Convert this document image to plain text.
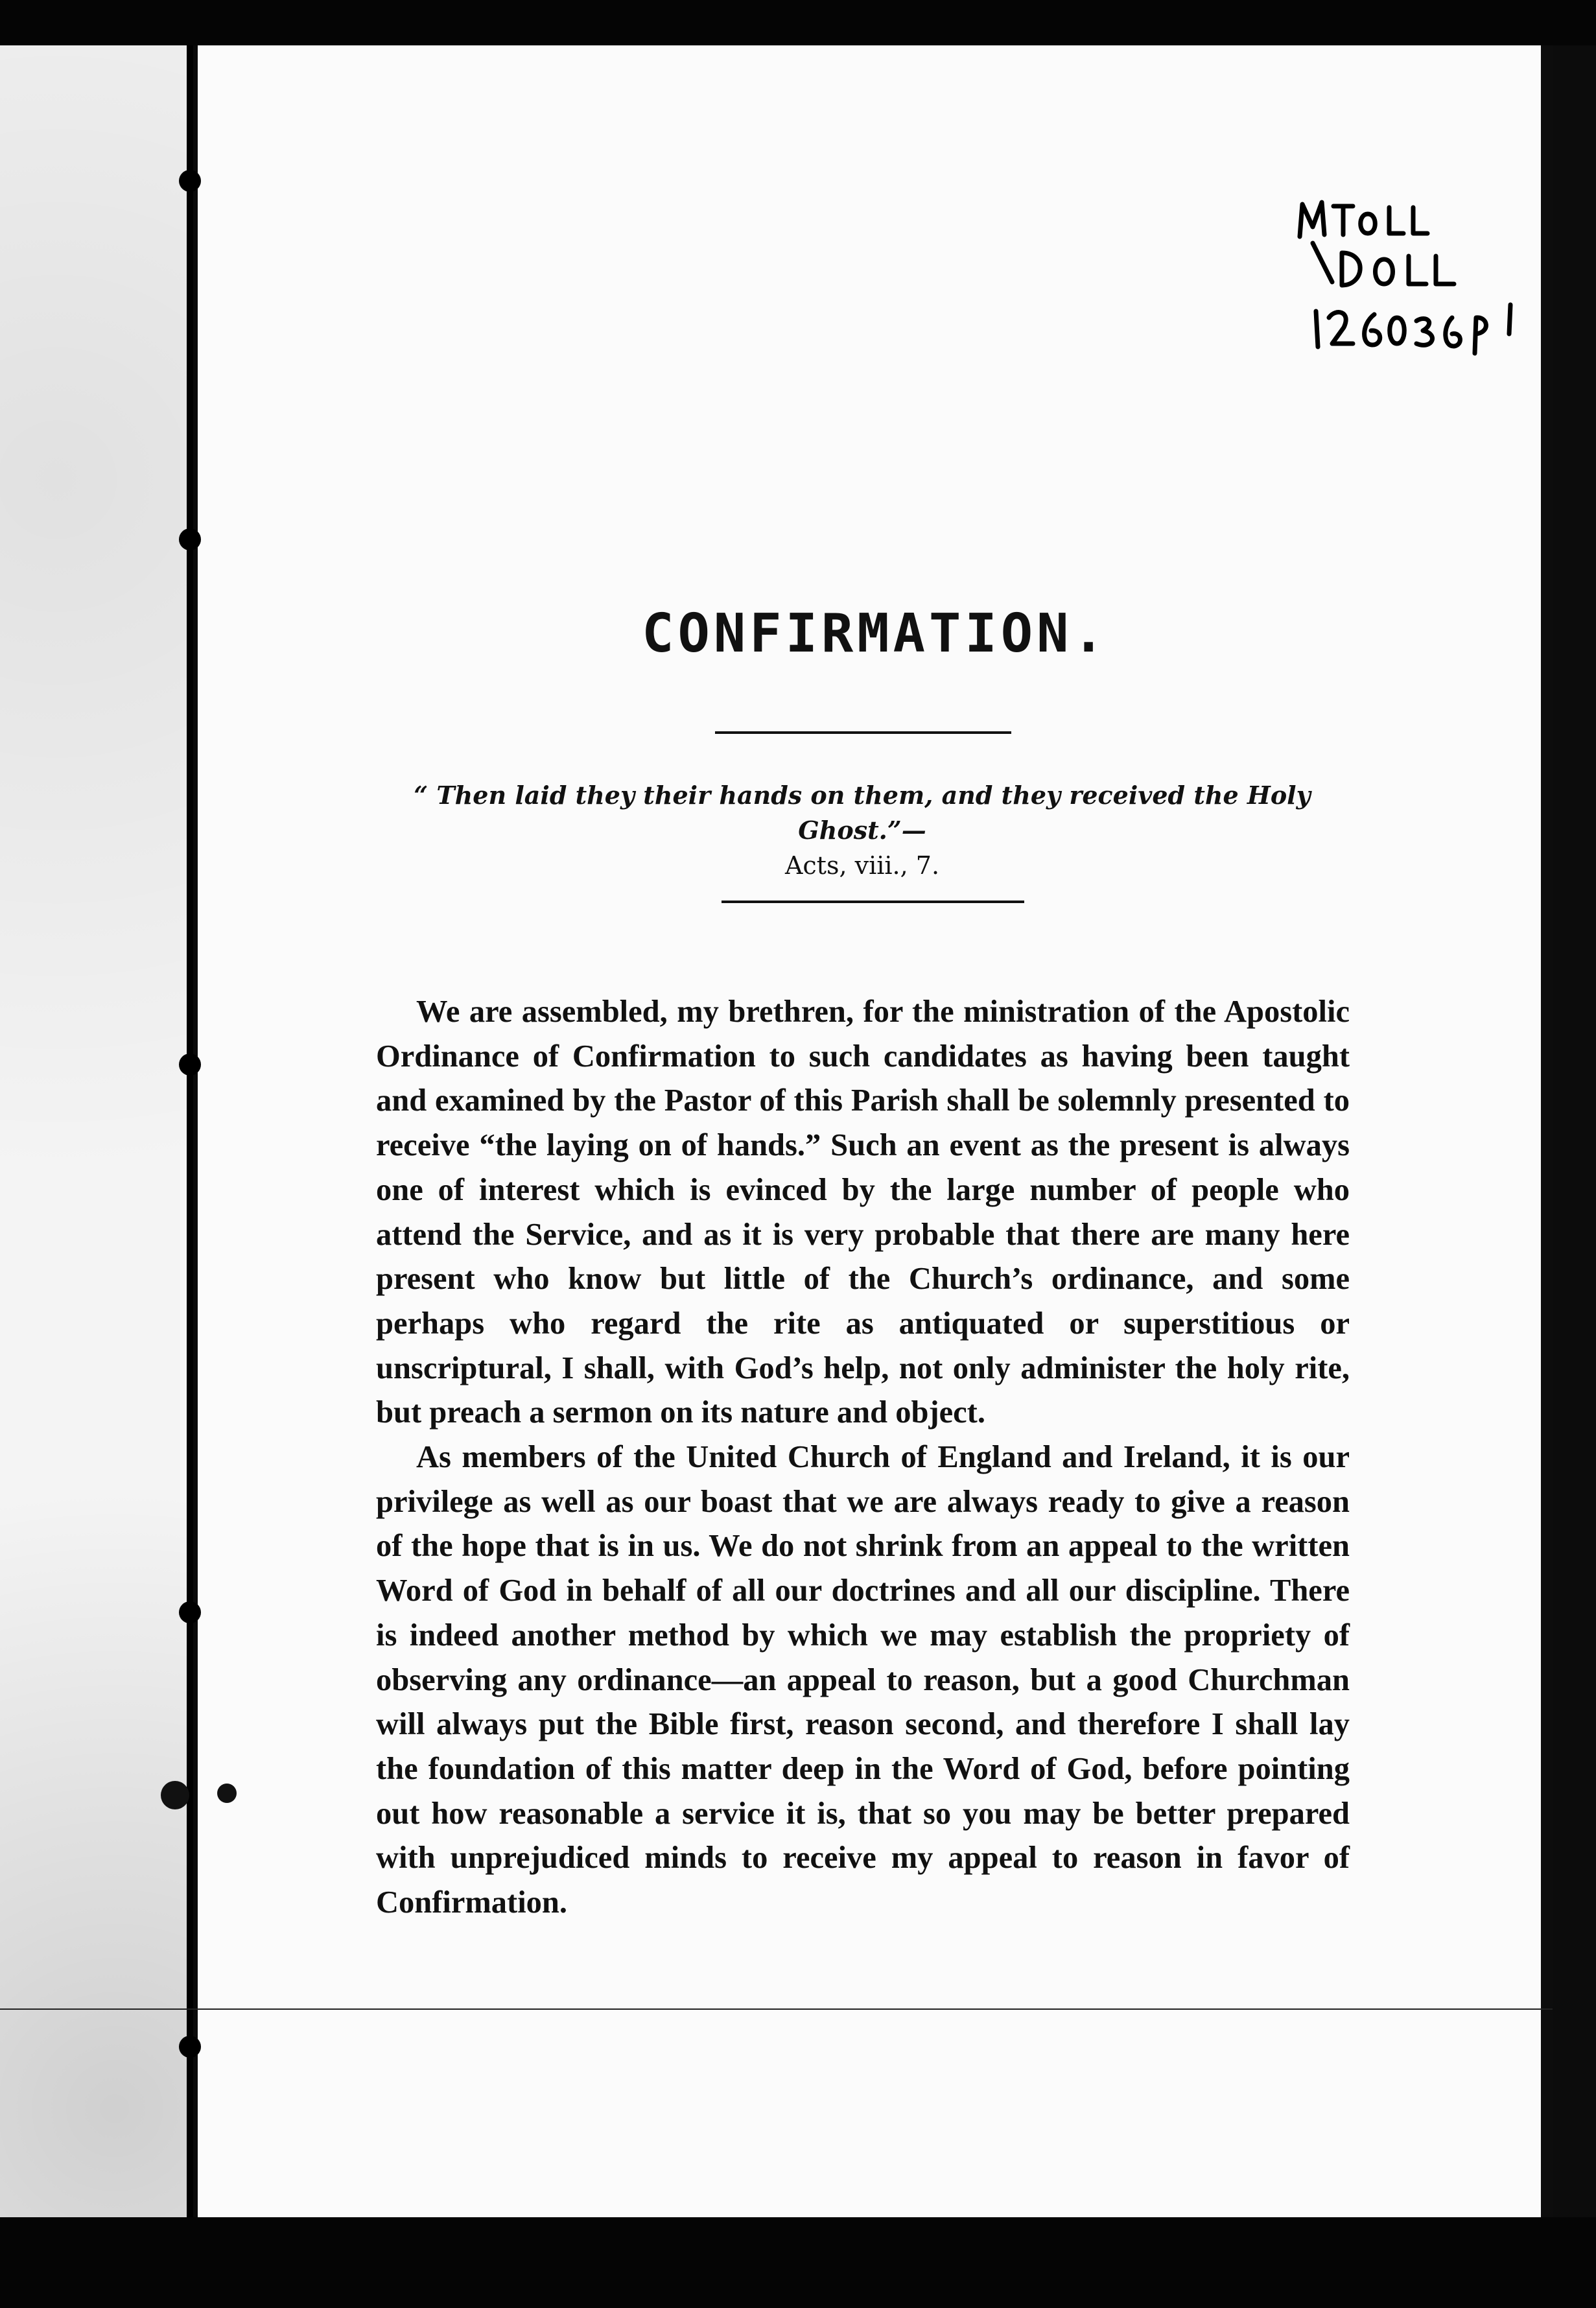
CONFIRMATION.
“ Then laid they their hands on them, and they received the Holy Ghost.”—
Acts, viii., 7.

We are assembled, my brethren, for the ministration of the Apostolic Ordinance of Confirmation to such candidates as having been taught and examined by the Pastor of this Parish shall be solemnly presented to receive “the laying on of hands.” Such an event as the present is always one of interest which is evinced by the large number of people who attend the Service, and as it is very probable that there are many here present who know but little of the Church’s ordinance, and some perhaps who regard the rite as antiquated or superstitious or unscriptural, I shall, with God’s help, not only administer the holy rite, but preach a sermon on its nature and object.

As members of the United Church of England and Ireland, it is our privilege as well as our boast that we are always ready to give a reason of the hope that is in us. We do not shrink from an appeal to the written Word of God in behalf of all our doctrines and all our discipline. There is indeed another method by which we may establish the propriety of observing any ordinance—an appeal to reason, but a good Churchman will always put the Bible first, reason second, and therefore I shall lay the foundation of this matter deep in the Word of God, before pointing out how reasonable a service it is, that so you may be better prepared with unprejudiced minds to receive my appeal to reason in favor of Confirmation.
